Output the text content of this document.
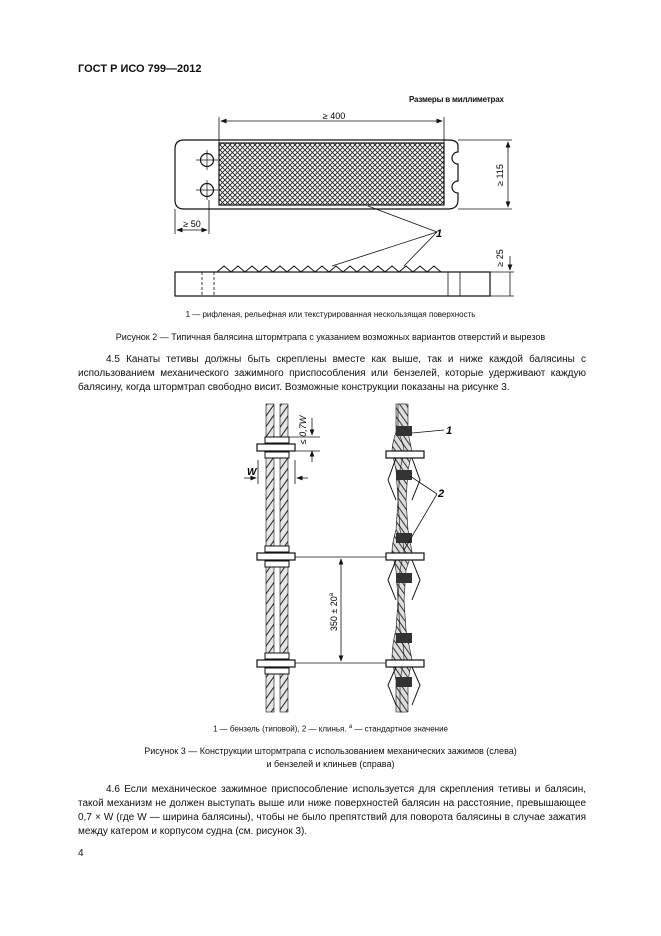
ГОСТ Р ИСО 799—2012
Размеры в миллиметрах
≥ 400
≥ 115
≥ 50
1
≥ 25
1 — рифленая, рельефная или текстурированная нескользящая поверхность
Рисунок 2 — Типичная балясина штормтрапа с указанием возможных вариантов отверстий и вырезов
4.5 Канаты тетивы должны быть скреплены вместе как выше, так и ниже каждой балясины с использованием механического зажимного приспособления или бензелей, которые удерживают каждую балясину, когда штормтрап свободно висит. Возможные конструкции показаны на рисунке 3.
≤ 0,7W
W
$350 \pm 20^a$
1
2
1 — бензель (типовой), 2 — клинья. $^a$ — стандартное значение
Рисунок 3 — Конструкции штормтрапа с использованием механических зажимов (слева)
и бензелей и клиньев (справа)
4.6 Если механическое зажимное приспособление используется для скрепления тетивы и балясин, такой механизм не должен выступать выше или ниже поверхностей балясин на расстояние, превышающее 0,7 × W (где W — ширина балясины), чтобы не было препятствий для поворота балясины в случае зажатия между катером и корпусом судна (см. рисунок 3).
4
